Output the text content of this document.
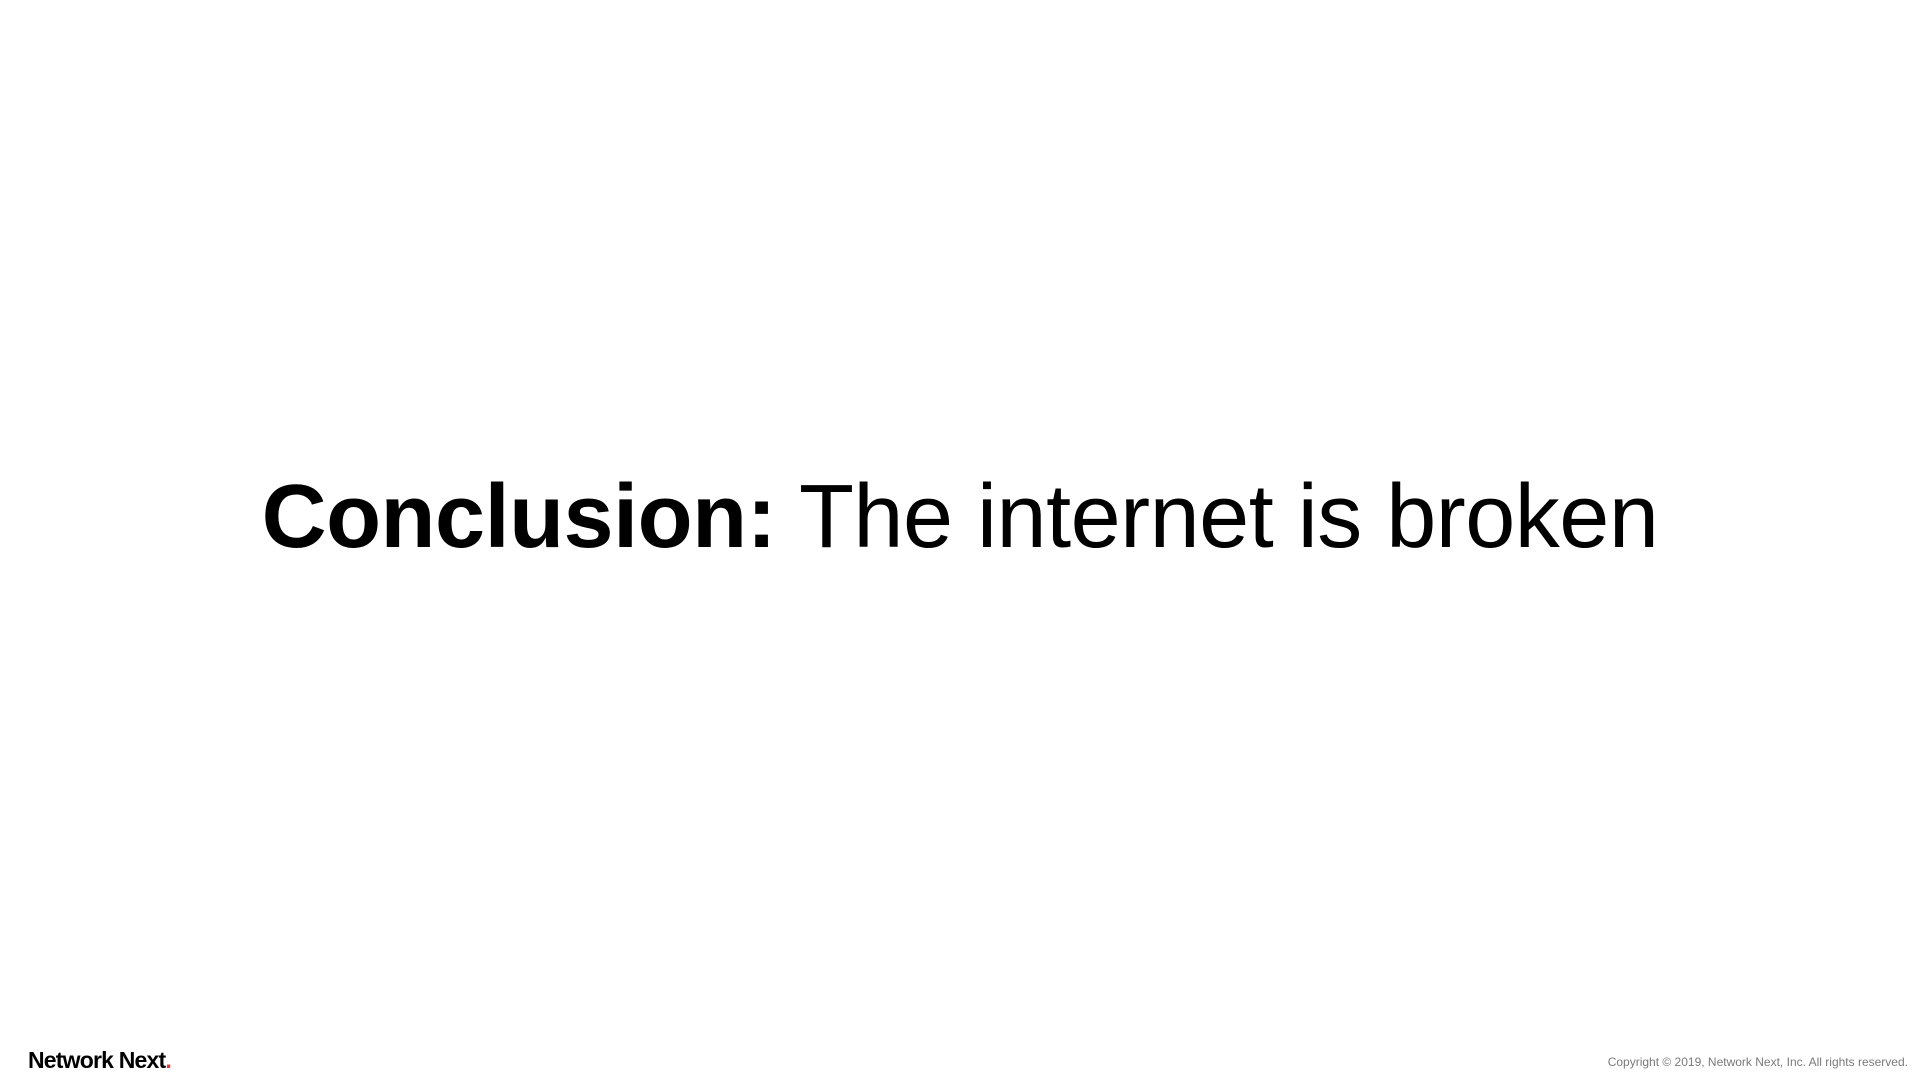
Conclusion: The internet is broken
Network Next .	Copyright © 2019, Network Next, Inc. All rights reserved.
